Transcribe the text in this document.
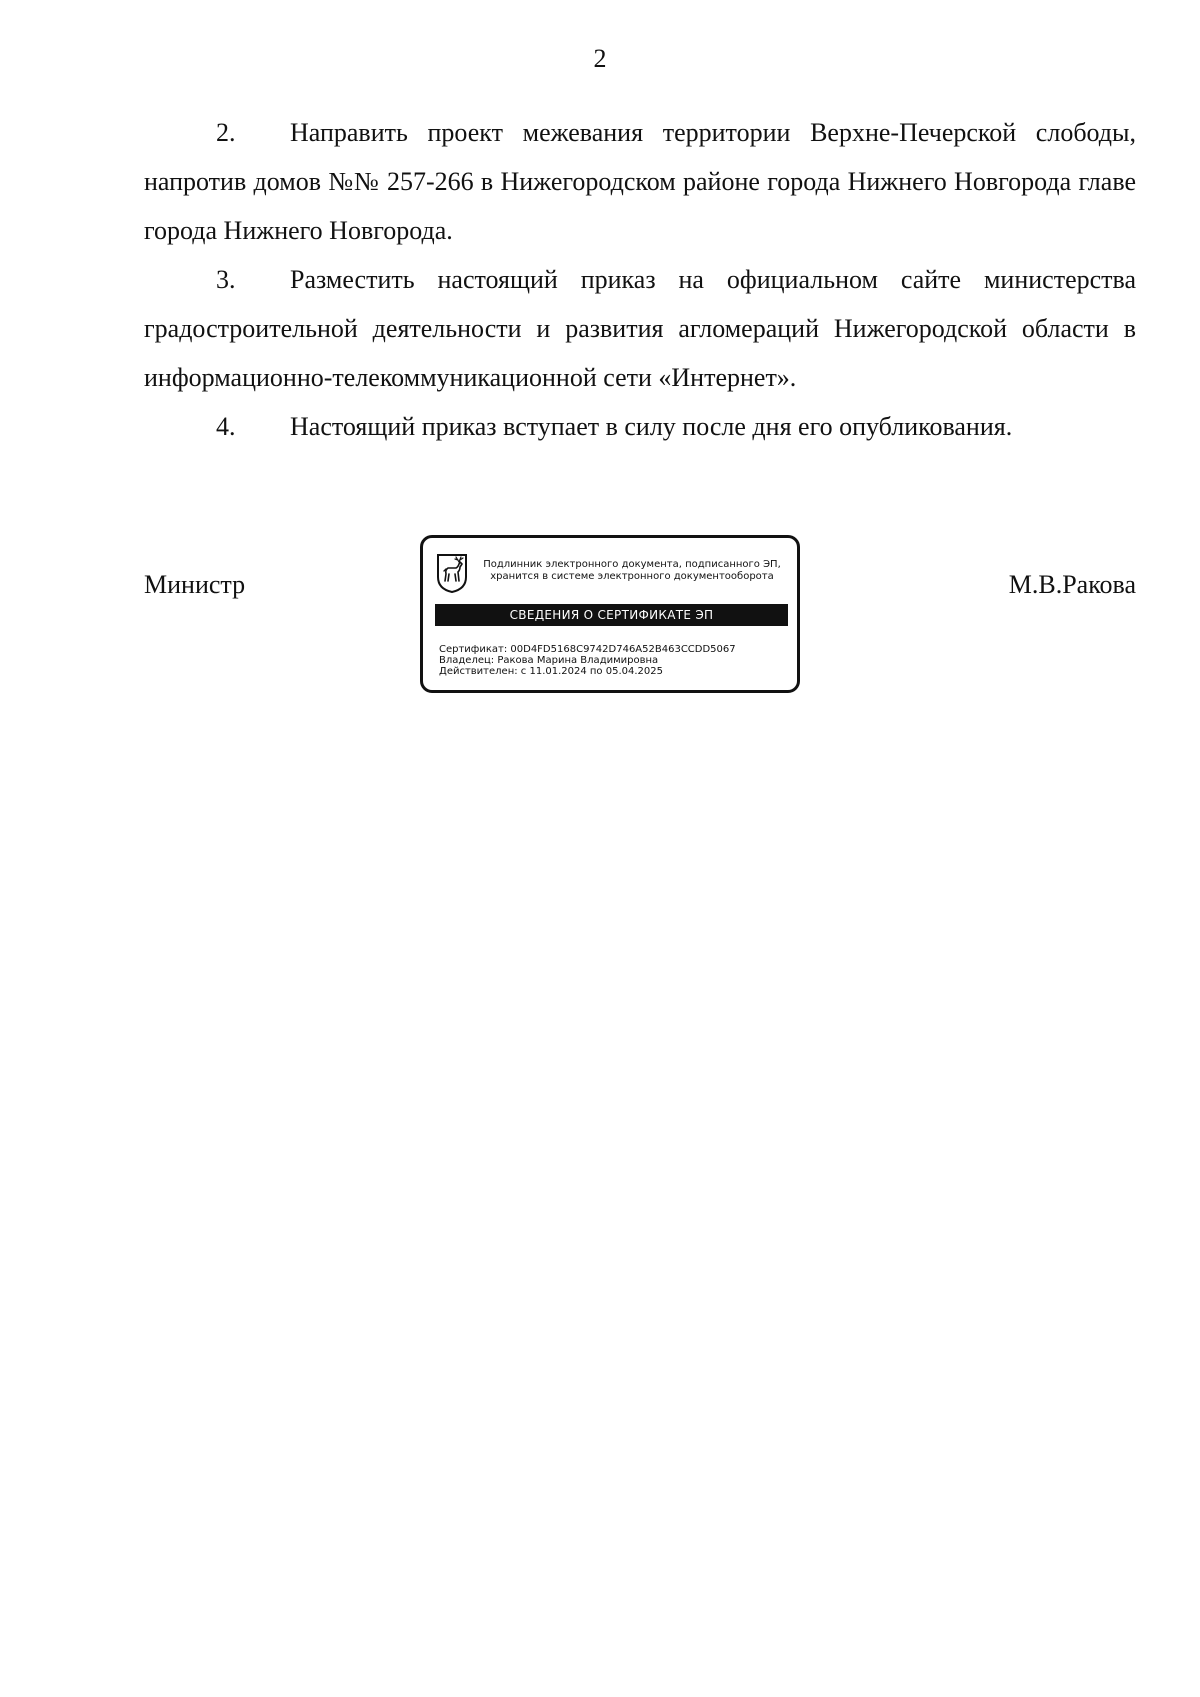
2

2. Направить проект межевания территории Верхне-Печерской слободы, напротив домов №№ 257-266 в Нижегородском районе города Нижнего Новгорода главе города Нижнего Новгорода.

3. Разместить настоящий приказ на официальном сайте министерства градостроительной деятельности и развития агломераций Нижегородской области в информационно-телекоммуникационной сети «Интернет».

4. Настоящий приказ вступает в силу после дня его опубликования.

Министр	М.В.Ракова
Подлинник электронного документа, подписанного ЭП,
хранится в системе электронного документооборота
СВЕДЕНИЯ О СЕРТИФИКАТЕ ЭП
Сертификат: 00D4FD5168C9742D746A52B463CCDD5067
Владелец: Ракова Марина Владимировна
Действителен: с 11.01.2024 по 05.04.2025
